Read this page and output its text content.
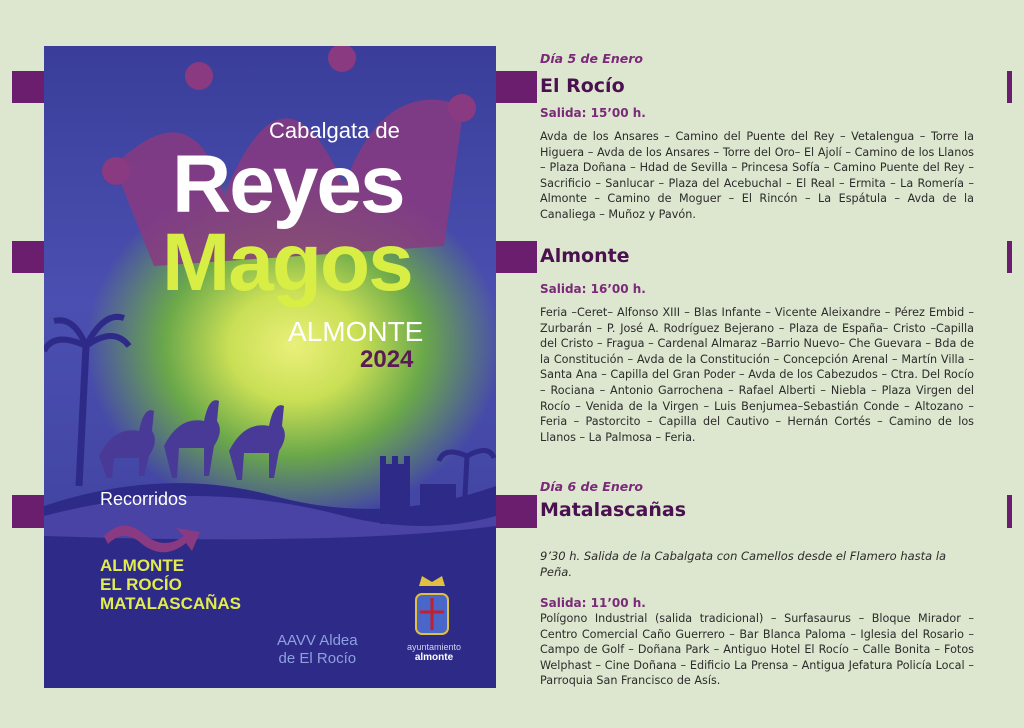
El Rocío
Almonte
Matalascañas
Día 5 de Enero
Salida: 15’00 h.
Avda de los Ansares – Camino del Puente del Rey – Vetalengua – Torre la Higuera – Avda de los Ansares – Torre del Oro– El Ajolí – Camino de los Llanos – Plaza Doñana – Hdad de Sevilla – Princesa Sofía – Camino Puente del Rey – Sacrificio – Sanlucar – Plaza del Acebuchal – El Real – Ermita – La Romería – Almonte – Camino de Moguer – El Rincón – La Espátula – Avda de la Canaliega – Muñoz y Pavón.
Salida: 16’00 h.
Feria –Ceret– Alfonso XIII – Blas Infante – Vicente Aleixandre – Pérez Embid – Zurbarán – P. José A. Rodríguez Bejerano – Plaza de España– Cristo –Capilla del Cristo – Fragua – Cardenal Almaraz –Barrio Nuevo– Che Guevara – Bda de la Constitución – Avda de la Constitución – Concepción Arenal – Martín Villa – Santa Ana – Capilla del Gran Poder – Avda de los Cabezudos – Ctra. Del Rocío – Rociana – Antonio Garrochena – Rafael Alberti – Niebla – Plaza Virgen del Rocío – Venida de la Virgen – Luis Benjumea–Sebastián Conde – Altozano – Feria – Pastorcito – Capilla del Cautivo – Hernán Cortés – Camino de los Llanos – La Palmosa – Feria.
Día 6 de Enero
9’30 h. Salida de la Cabalgata con Camellos desde el Flamero hasta la Peña.
Salida: 11’00 h.
Polígono Industrial (salida tradicional) – Surfasaurus – Bloque Mirador – Centro Comercial Caño Guerrero – Bar Blanca Paloma – Iglesia del Rosario – Campo de Golf – Doñana Park – Antiguo Hotel El Rocío – Calle Bonita – Fotos Welphast – Cine Doñana – Edificio La Prensa – Antigua Jefatura Policía Local – Parroquia San Francisco de Asís.
Cabalgata de
Reyes
Magos
ALMONTE
2024
Recorridos
ALMONTE
EL ROCÍO
MATALASCAÑAS
AAVV Aldea
de El Rocío
ayuntamiento
almonte
